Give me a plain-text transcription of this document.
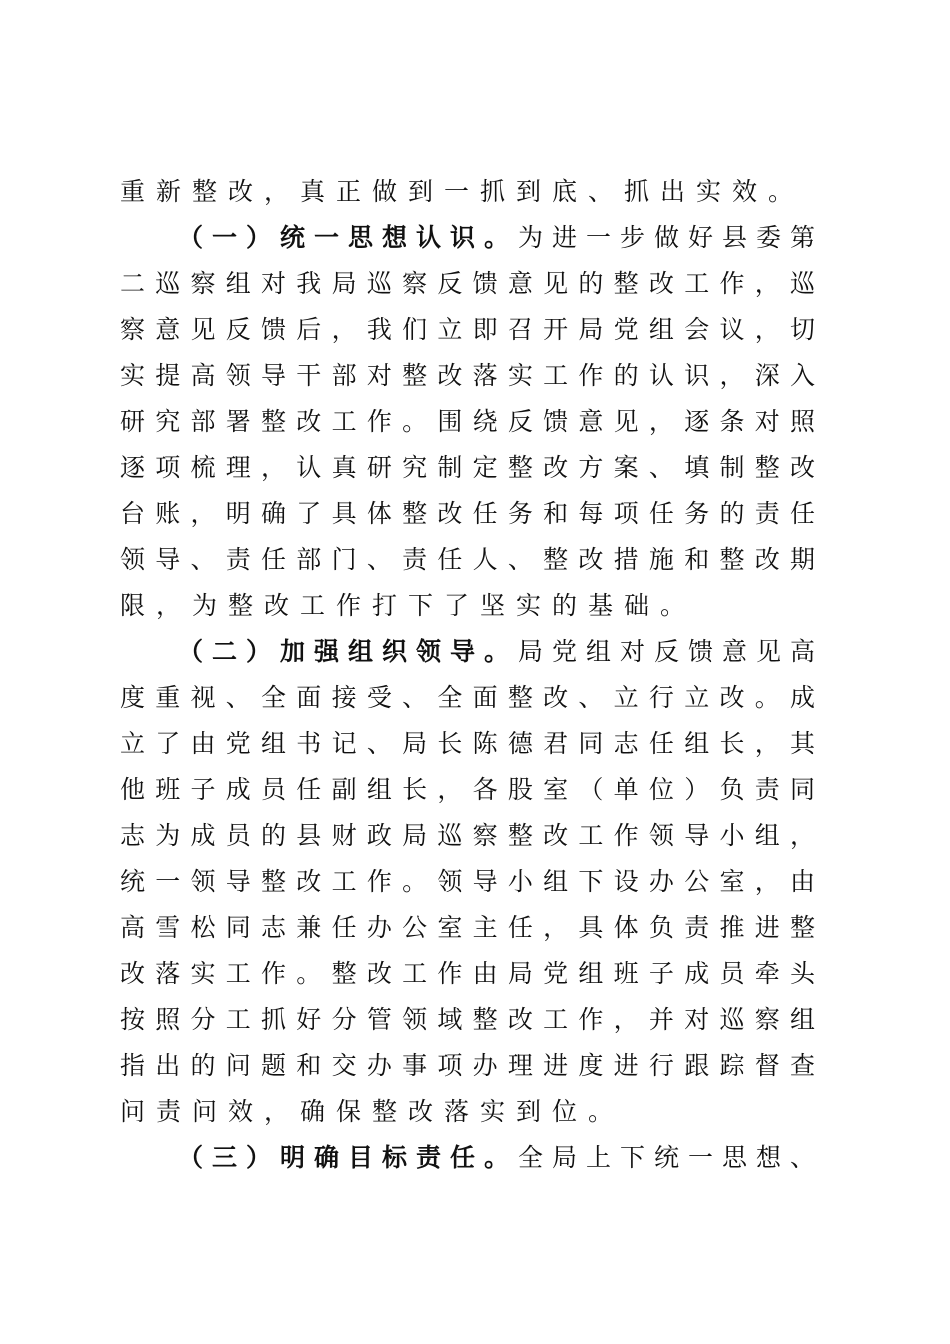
重新整改，真正做到一抓到底、抓出实效。
（一）统一思想认识。为进一步做好县委第
二巡察组对我局巡察反馈意见的整改工作，巡
察意见反馈后，我们立即召开局党组会议，切
实提高领导干部对整改落实工作的认识，深入
研究部署整改工作。围绕反馈意见，逐条对照
逐项梳理，认真研究制定整改方案、填制整改
台账，明确了具体整改任务和每项任务的责任
领导、责任部门、责任人、整改措施和整改期
限，为整改工作打下了坚实的基础。
（二）加强组织领导。局党组对反馈意见高
度重视、全面接受、全面整改、立行立改。成
立了由党组书记、局长陈德君同志任组长，其
他班子成员任副组长，各股室（单位）负责同
志为成员的县财政局巡察整改工作领导小组，
统一领导整改工作。领导小组下设办公室，由
高雪松同志兼任办公室主任，具体负责推进整
改落实工作。整改工作由局党组班子成员牵头
按照分工抓好分管领域整改工作，并对巡察组
指出的问题和交办事项办理进度进行跟踪督查
问责问效，确保整改落实到位。
（三）明确目标责任。全局上下统一思想、
